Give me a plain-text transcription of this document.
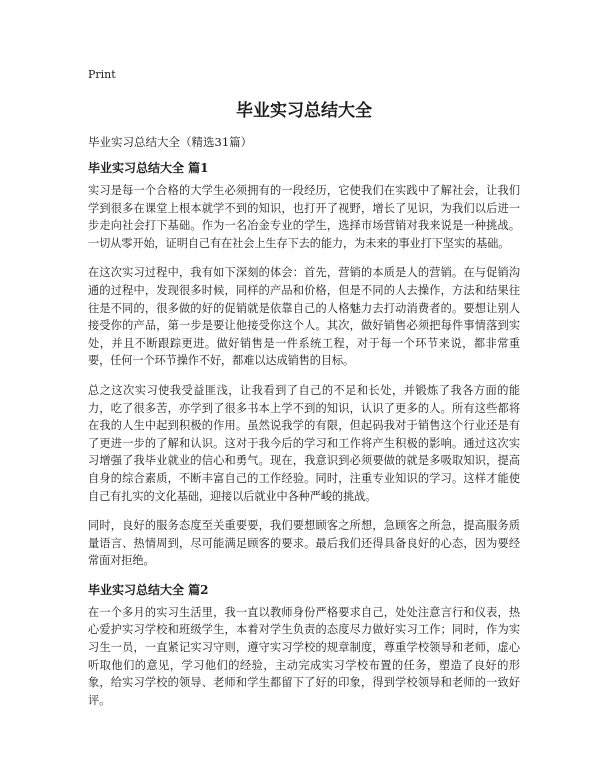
Print
毕业实习总结大全
毕业实习总结大全（精选31篇）
毕业实习总结大全 篇1

实习是每一个合格的大学生必须拥有的一段经历，它使我们在实践中了解社会，让我们学到很多在课堂上根本就学不到的知识，也打开了视野，增长了见识，为我们以后进一步走向社会打下基础。作为一名冶金专业的学生，选择市场营销对我来说是一种挑战。一切从零开始，证明自己有在社会上生存下去的能力，为未来的事业打下坚实的基础。

在这次实习过程中，我有如下深刻的体会：首先，营销的本质是人的营销。在与促销沟通的过程中，发现很多时候，同样的产品和价格，但是不同的人去操作，方法和结果往往是不同的，很多做的好的促销就是依靠自己的人格魅力去打动消费者的。要想让别人接受你的产品，第一步是要让他接受你这个人。其次，做好销售必须把每件事情落到实处，并且不断跟踪更进。做好销售是一件系统工程，对于每一个环节来说，都非常重要，任何一个环节操作不好，都难以达成销售的目标。

总之这次实习使我受益匪浅，让我看到了自己的不足和长处，并锻炼了我各方面的能力，吃了很多苦，亦学到了很多书本上学不到的知识，认识了更多的人。所有这些都将在我的人生中起到积极的作用。虽然说我学的有限，但起码我对于销售这个行业还是有了更进一步的了解和认识。这对于我今后的学习和工作将产生积极的影响。通过这次实习增强了我毕业就业的信心和勇气。现在，我意识到必须要做的就是多吸取知识，提高自身的综合素质，不断丰富自己的工作经验。同时，注重专业知识的学习。这样才能使自己有扎实的文化基础，迎接以后就业中各种严峻的挑战。

同时，良好的服务态度至关重要要，我们要想顾客之所想，急顾客之所急，提高服务质量语言、热情周到，尽可能满足顾客的要求。最后我们还得具备良好的心态，因为要经常面对拒绝。

毕业实习总结大全 篇2

在一个多月的实习生活里，我一直以教师身份严格要求自己，处处注意言行和仪表，热心爱护实习学校和班级学生，本着对学生负责的态度尽力做好实习工作；同时，作为实习生一员，一直紧记实习守则，遵守实习学校的规章制度，尊重学校领导和老师，虚心听取他们的意见，学习他们的经验，主动完成实习学校布置的任务，塑造了良好的形象，给实习学校的领导、老师和学生都留下了好的印象，得到学校领导和老师的一致好评。
